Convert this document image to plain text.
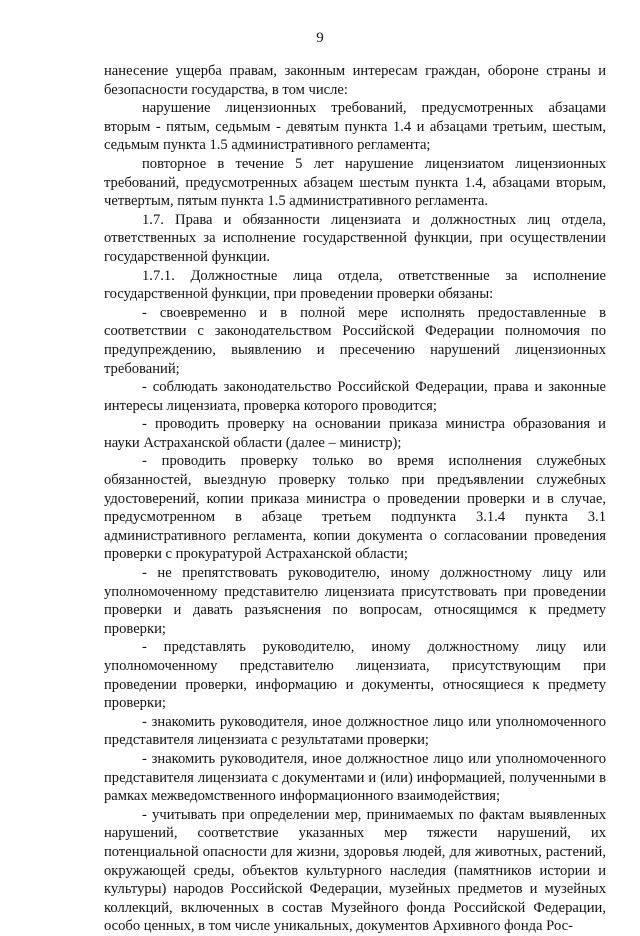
9

нанесение ущерба правам, законным интересам граждан, обороне страны и безопасности государства, в том числе:

нарушение лицензионных требований, предусмотренных абзацами вторым - пятым, седьмым - девятым пункта 1.4 и абзацами третьим, шестым, седьмым пункта 1.5 административного регламента;

повторное в течение 5 лет нарушение лицензиатом лицензионных требований, предусмотренных абзацем шестым пункта 1.4, абзацами вторым, четвертым, пятым пункта 1.5 административного регламента.

1.7. Права и обязанности лицензиата и должностных лиц отдела, ответственных за исполнение государственной функции, при осуществлении государственной функции.

1.7.1. Должностные лица отдела, ответственные за исполнение государственной функции, при проведении проверки обязаны:

- своевременно и в полной мере исполнять предоставленные в соответствии с законодательством Российской Федерации полномочия по предупреждению, выявлению и пресечению нарушений лицензионных требований;

- соблюдать законодательство Российской Федерации, права и законные интересы лицензиата, проверка которого проводится;

- проводить проверку на основании приказа министра образования и науки Астраханской области (далее – министр);

- проводить проверку только во время исполнения служебных обязанностей, выездную проверку только при предъявлении служебных удостоверений, копии приказа министра о проведении проверки и в случае, предусмотренном в абзаце третьем подпункта 3.1.4 пункта 3.1 административного регламента, копии документа о согласовании проведения проверки с прокуратурой Астраханской области;

- не препятствовать руководителю, иному должностному лицу или уполномоченному представителю лицензиата присутствовать при проведении проверки и давать разъяснения по вопросам, относящимся к предмету проверки;

- представлять руководителю, иному должностному лицу или уполномоченному представителю лицензиата, присутствующим при проведении проверки, информацию и документы, относящиеся к предмету проверки;

- знакомить руководителя, иное должностное лицо или уполномоченного представителя лицензиата с результатами проверки;

- знакомить руководителя, иное должностное лицо или уполномоченного представителя лицензиата с документами и (или) информацией, полученными в рамках межведомственного информационного взаимодействия;

- учитывать при определении мер, принимаемых по фактам выявленных нарушений, соответствие указанных мер тяжести нарушений, их потенциальной опасности для жизни, здоровья людей, для животных, растений, окружающей среды, объектов культурного наследия (памятников истории и культуры) народов Российской Федерации, музейных предметов и музейных коллекций, включенных в состав Музейного фонда Российской Федерации, особо ценных, в том числе уникальных, документов Архивного фонда Рос-
